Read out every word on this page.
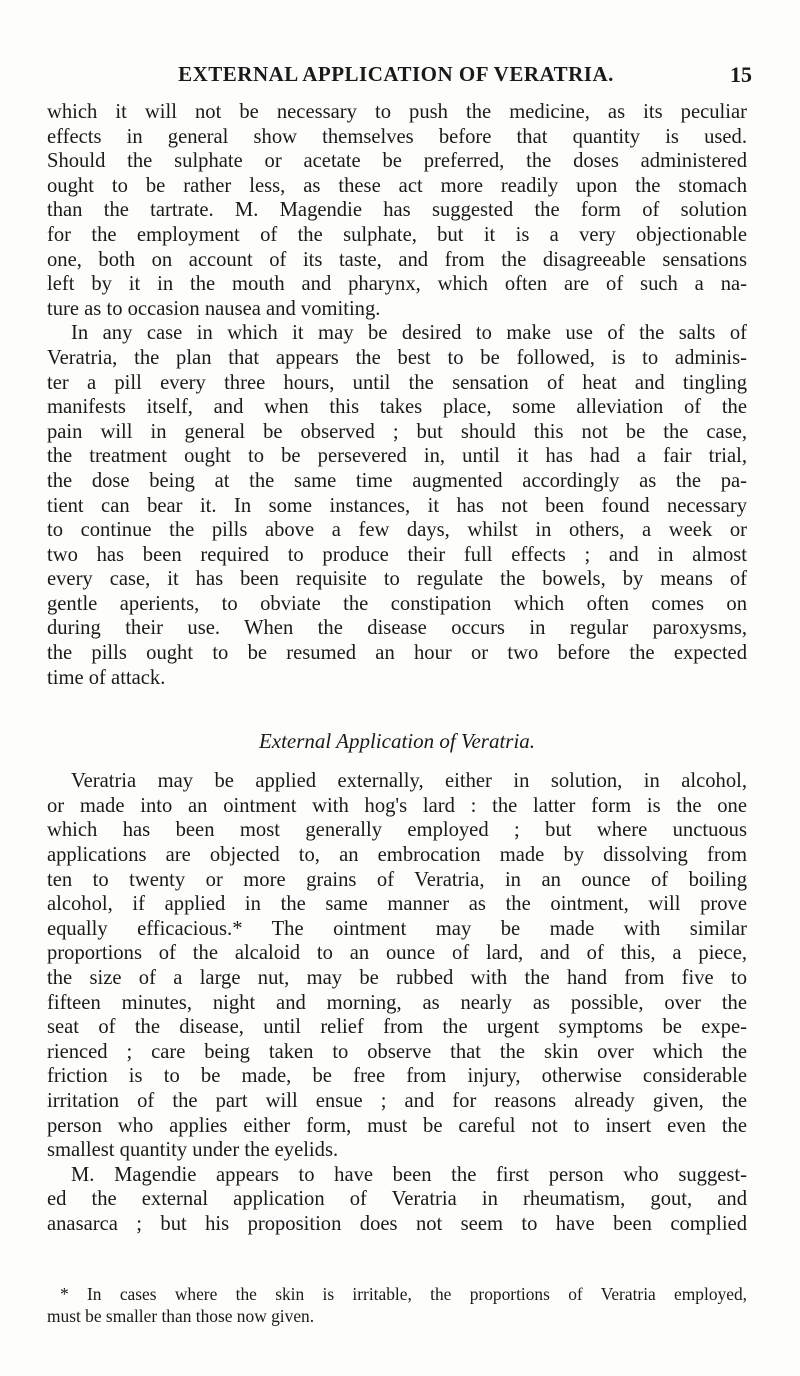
EXTERNAL APPLICATION OF VERATRIA.	15
which it will not be necessary to push the medicine, as its peculiar
effects in general show themselves before that quantity is used.
Should the sulphate or acetate be preferred, the doses administered
ought to be rather less, as these act more readily upon the stomach
than the tartrate. M. Magendie has suggested the form of solution
for the employment of the sulphate, but it is a very objectionable
one, both on account of its taste, and from the disagreeable sensations
left by it in the mouth and pharynx, which often are of such a na-
ture as to occasion nausea and vomiting.
In any case in which it may be desired to make use of the salts of
Veratria, the plan that appears the best to be followed, is to adminis-
ter a pill every three hours, until the sensation of heat and tingling
manifests itself, and when this takes place, some alleviation of the
pain will in general be observed ; but should this not be the case,
the treatment ought to be persevered in, until it has had a fair trial,
the dose being at the same time augmented accordingly as the pa-
tient can bear it. In some instances, it has not been found necessary
to continue the pills above a few days, whilst in others, a week or
two has been required to produce their full effects ; and in almost
every case, it has been requisite to regulate the bowels, by means of
gentle aperients, to obviate the constipation which often comes on
during their use. When the disease occurs in regular paroxysms,
the pills ought to be resumed an hour or two before the expected
time of attack.
External Application of Veratria.
Veratria may be applied externally, either in solution, in alcohol,
or made into an ointment with hog's lard : the latter form is the one
which has been most generally employed ; but where unctuous
applications are objected to, an embrocation made by dissolving from
ten to twenty or more grains of Veratria, in an ounce of boiling
alcohol, if applied in the same manner as the ointment, will prove
equally efficacious.* The ointment may be made with similar
proportions of the alcaloid to an ounce of lard, and of this, a piece,
the size of a large nut, may be rubbed with the hand from five to
fifteen minutes, night and morning, as nearly as possible, over the
seat of the disease, until relief from the urgent symptoms be expe-
rienced ; care being taken to observe that the skin over which the
friction is to be made, be free from injury, otherwise considerable
irritation of the part will ensue ; and for reasons already given, the
person who applies either form, must be careful not to insert even the
smallest quantity under the eyelids.
M. Magendie appears to have been the first person who suggest-
ed the external application of Veratria in rheumatism, gout, and
anasarca ; but his proposition does not seem to have been complied
* In cases where the skin is irritable, the proportions of Veratria employed,
must be smaller than those now given.
